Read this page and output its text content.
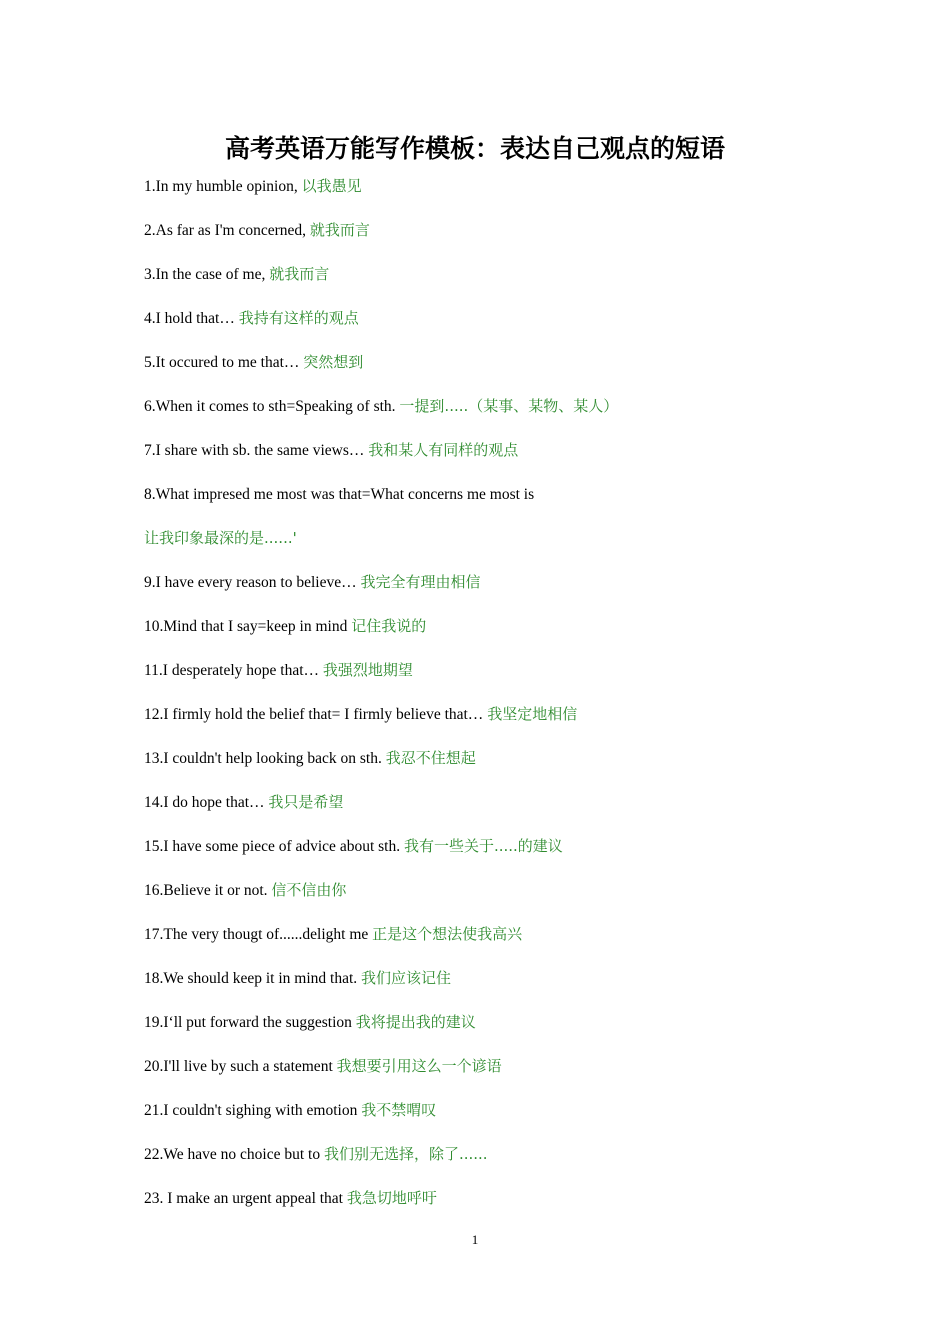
高考英语万能写作模板：表达自己观点的短语
1.In my humble opinion, 以我愚见
2.As far as I'm concerned, 就我而言
3.In the case of me, 就我而言
4.I hold that… 我持有这样的观点
5.It occured to me that… 突然想到
6.When it comes to sth=Speaking of sth. 一提到.....（某事、某物、某人）
7.I share with sb. the same views… 我和某人有同样的观点
8.What impresed me most was that=What concerns me most is
让我印象最深的是......'
9.I have every reason to believe… 我完全有理由相信
10.Mind that I say=keep in mind 记住我说的
11.I desperately hope that… 我强烈地期望
12.I firmly hold the belief that= I firmly believe that… 我坚定地相信
13.I couldn't help looking back on sth. 我忍不住想起
14.I do hope that… 我只是希望
15.I have some piece of advice about sth. 我有一些关于.....的建议
16.Believe it or not. 信不信由你
17.The very thougt of......delight me 正是这个想法使我高兴
18.We should keep it in mind that. 我们应该记住
19.I‘ll put forward the suggestion 我将提出我的建议
20.I'll live by such a statement 我想要引用这么一个谚语
21.I couldn't sighing with emotion 我不禁喟叹
22.We have no choice but to 我们别无选择，除了......
23. I make an urgent appeal that 我急切地呼吁
1
